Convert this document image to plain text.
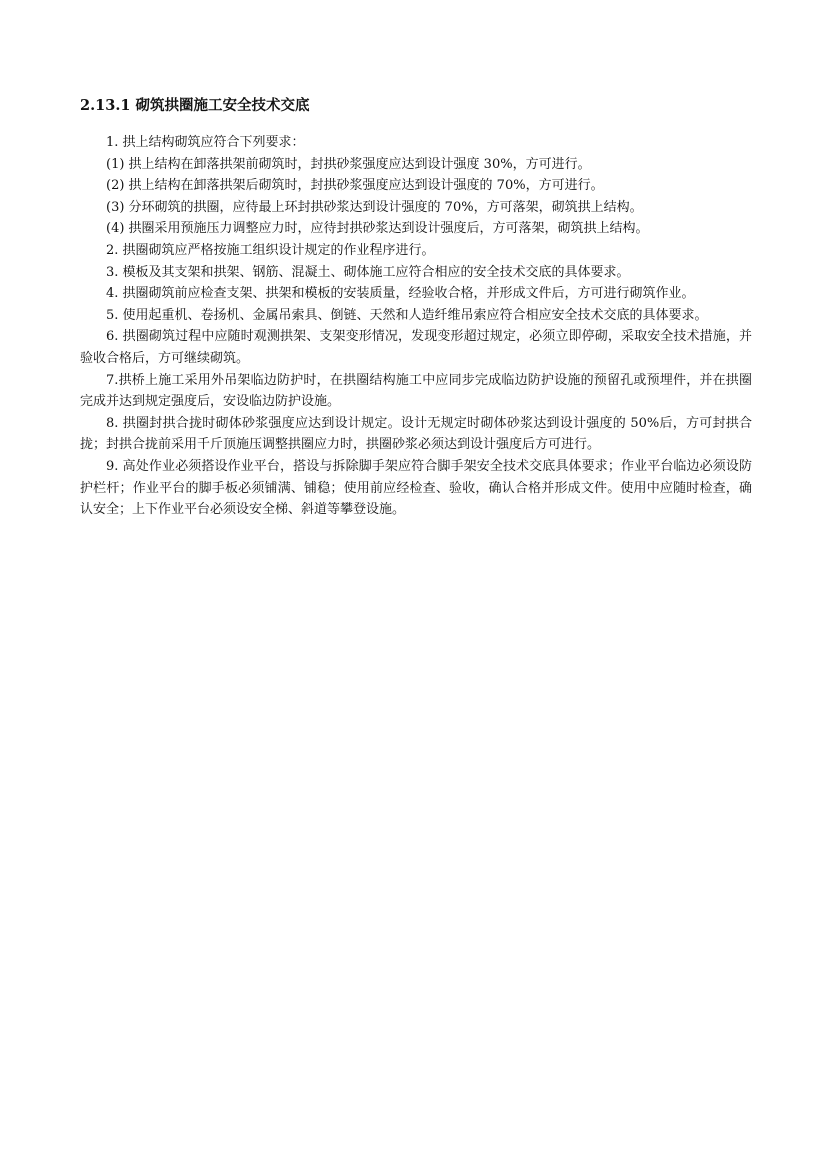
2.13.1 砌筑拱圈施工安全技术交底

1. 拱上结构砌筑应符合下列要求：

(1) 拱上结构在卸落拱架前砌筑时，封拱砂浆强度应达到设计强度 30%，方可进行。

(2) 拱上结构在卸落拱架后砌筑时，封拱砂浆强度应达到设计强度的 70%，方可进行。

(3) 分环砌筑的拱圈，应待最上环封拱砂浆达到设计强度的 70%，方可落架，砌筑拱上结构。

(4) 拱圈采用预施压力调整应力时，应待封拱砂浆达到设计强度后，方可落架，砌筑拱上结构。

2. 拱圈砌筑应严格按施工组织设计规定的作业程序进行。

3. 模板及其支架和拱架、钢筋、混凝土、砌体施工应符合相应的安全技术交底的具体要求。

4. 拱圈砌筑前应检查支架、拱架和模板的安装质量，经验收合格，并形成文件后，方可进行砌筑作业。

5. 使用起重机、卷扬机、金属吊索具、倒链、天然和人造纤维吊索应符合相应安全技术交底的具体要求。

6. 拱圈砌筑过程中应随时观测拱架、支架变形情况，发现变形超过规定，必须立即停砌，采取安全技术措施，并验收合格后，方可继续砌筑。

7.拱桥上施工采用外吊架临边防护时，在拱圈结构施工中应同步完成临边防护设施的预留孔或预埋件，并在拱圈完成并达到规定强度后，安设临边防护设施。

8. 拱圈封拱合拢时砌体砂浆强度应达到设计规定。设计无规定时砌体砂浆达到设计强度的 50%后，方可封拱合拢；封拱合拢前采用千斤顶施压调整拱圈应力时，拱圈砂浆必须达到设计强度后方可进行。

9. 高处作业必须搭设作业平台，搭设与拆除脚手架应符合脚手架安全技术交底具体要求；作业平台临边必须设防护栏杆；作业平台的脚手板必须铺满、铺稳；使用前应经检查、验收，确认合格并形成文件。使用中应随时检查，确认安全；上下作业平台必须设安全梯、斜道等攀登设施。
